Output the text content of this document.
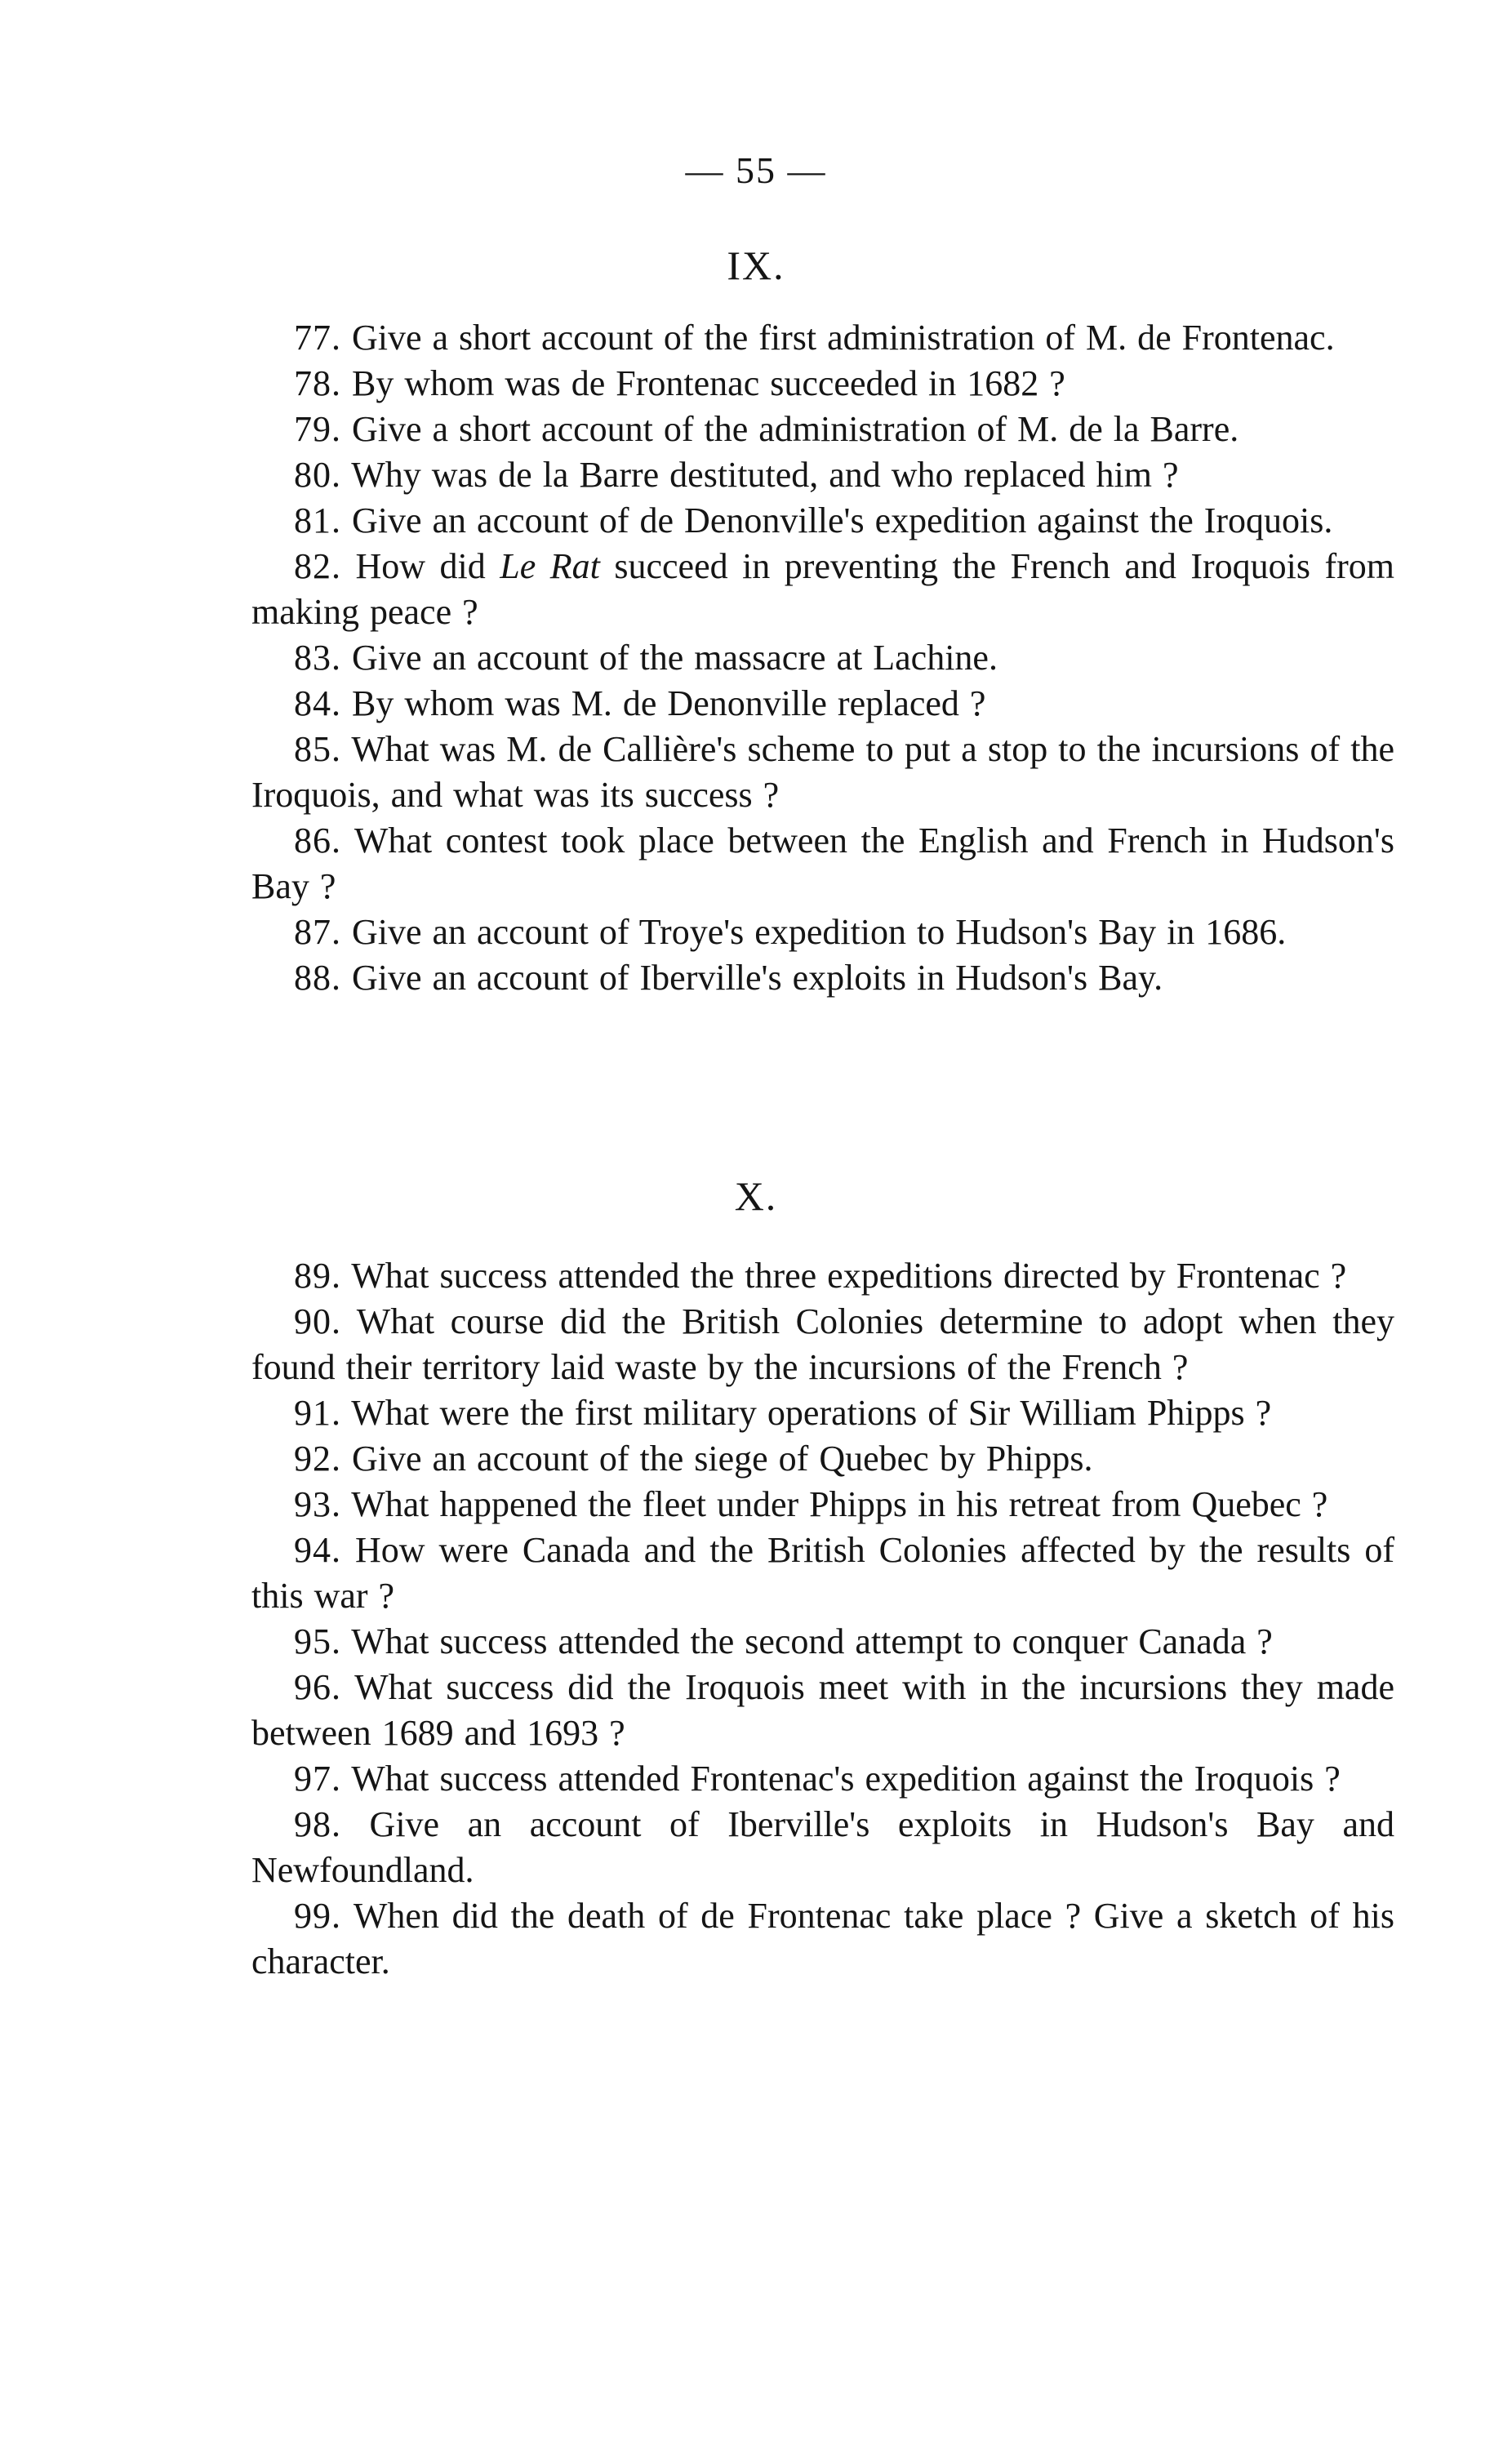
— 55 —
IX.

77. Give a short account of the first administration of M. de Frontenac.

78. By whom was de Frontenac succeeded in 1682 ?

79. Give a short account of the administration of M. de la Barre.

80. Why was de la Barre destituted, and who replaced him ?

81. Give an account of de Denonville's expedition against the Iroquois.

82. How did Le Rat succeed in preventing the French and Iroquois from making peace ?

83. Give an account of the massacre at Lachine.

84. By whom was M. de Denonville replaced ?

85. What was M. de Callière's scheme to put a stop to the incursions of the Iroquois, and what was its success ?

86. What contest took place between the English and French in Hudson's Bay ?

87. Give an account of Troye's expedition to Hudson's Bay in 1686.

88. Give an account of Iberville's exploits in Hudson's Bay.

X.

89. What success attended the three expeditions directed by Frontenac ?

90. What course did the British Colonies determine to adopt when they found their territory laid waste by the incursions of the French ?

91. What were the first military operations of Sir William Phipps ?

92. Give an account of the siege of Quebec by Phipps.

93. What happened the fleet under Phipps in his retreat from Quebec ?

94. How were Canada and the British Colonies affected by the results of this war ?

95. What success attended the second attempt to conquer Canada ?

96. What success did the Iroquois meet with in the incursions they made between 1689 and 1693 ?

97. What success attended Frontenac's expedition against the Iroquois ?

98. Give an account of Iberville's exploits in Hudson's Bay and Newfoundland.

99. When did the death of de Frontenac take place ? Give a sketch of his character.
